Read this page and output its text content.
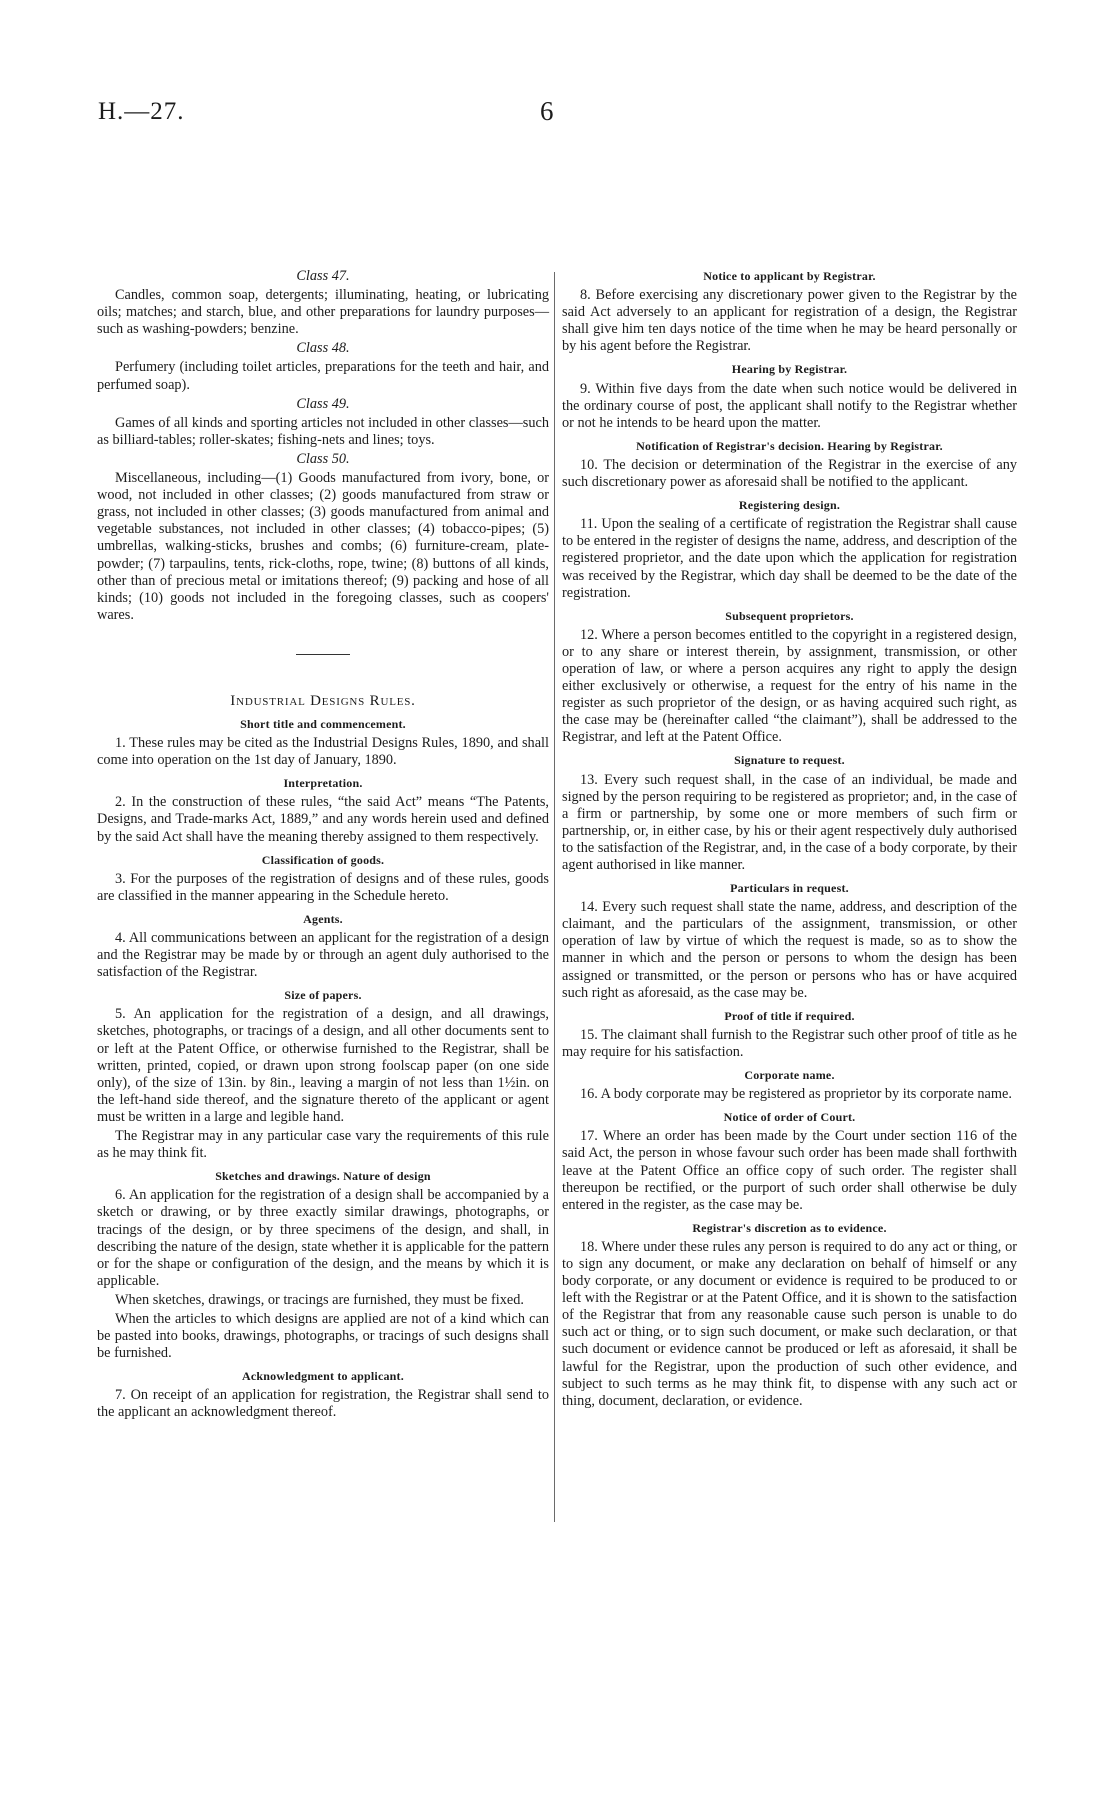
H.—27.	6

Class 47.

Candles, common soap, detergents; illuminating, heating, or lubricating oils; matches; and starch, blue, and other preparations for laundry purposes—such as washing-powders; benzine.

Class 48.

Perfumery (including toilet articles, preparations for the teeth and hair, and perfumed soap).

Class 49.

Games of all kinds and sporting articles not included in other classes—such as billiard-tables; roller-skates; fishing-nets and lines; toys.

Class 50.

Miscellaneous, including—(1) Goods manufactured from ivory, bone, or wood, not included in other classes; (2) goods manufactured from straw or grass, not included in other classes; (3) goods manufactured from animal and vegetable substances, not included in other classes; (4) tobacco-pipes; (5) umbrellas, walking-sticks, brushes and combs; (6) furniture-cream, plate-powder; (7) tarpaulins, tents, rick-cloths, rope, twine; (8) buttons of all kinds, other than of precious metal or imitations thereof; (9) packing and hose of all kinds; (10) goods not included in the foregoing classes, such as coopers' wares.

Industrial Designs Rules.
Short title and commencement.

1. These rules may be cited as the Industrial Designs Rules, 1890, and shall come into operation on the 1st day of January, 1890.

Interpretation.

2. In the construction of these rules, “the said Act” means “The Patents, Designs, and Trade-marks Act, 1889,” and any words herein used and defined by the said Act shall have the meaning thereby assigned to them respectively.

Classification of goods.

3. For the purposes of the registration of designs and of these rules, goods are classified in the manner appearing in the Schedule hereto.

Agents.

4. All communications between an applicant for the registration of a design and the Registrar may be made by or through an agent duly authorised to the satisfaction of the Registrar.

Size of papers.

5. An application for the registration of a design, and all drawings, sketches, photographs, or tracings of a design, and all other documents sent to or left at the Patent Office, or otherwise furnished to the Registrar, shall be written, printed, copied, or drawn upon strong foolscap paper (on one side only), of the size of 13in. by 8in., leaving a margin of not less than 1½in. on the left-hand side thereof, and the signature thereto of the applicant or agent must be written in a large and legible hand.

The Registrar may in any particular case vary the requirements of this rule as he may think fit.

Sketches and drawings. Nature of design

6. An application for the registration of a design shall be accompanied by a sketch or drawing, or by three exactly similar drawings, photographs, or tracings of the design, or by three specimens of the design, and shall, in describing the nature of the design, state whether it is applicable for the pattern or for the shape or configuration of the design, and the means by which it is applicable.

When sketches, drawings, or tracings are furnished, they must be fixed.

When the articles to which designs are applied are not of a kind which can be pasted into books, drawings, photographs, or tracings of such designs shall be furnished.

Acknowledgment to applicant.

7. On receipt of an application for registration, the Registrar shall send to the applicant an acknowledgment thereof.

Notice to applicant by Registrar.

8. Before exercising any discretionary power given to the Registrar by the said Act adversely to an applicant for registration of a design, the Registrar shall give him ten days notice of the time when he may be heard personally or by his agent before the Registrar.

Hearing by Registrar.

9. Within five days from the date when such notice would be delivered in the ordinary course of post, the applicant shall notify to the Registrar whether or not he intends to be heard upon the matter.

Notification of Registrar's decision. Hearing by Registrar.

10. The decision or determination of the Registrar in the exercise of any such discretionary power as aforesaid shall be notified to the applicant.

Registering design.

11. Upon the sealing of a certificate of registration the Registrar shall cause to be entered in the register of designs the name, address, and description of the registered proprietor, and the date upon which the application for registration was received by the Registrar, which day shall be deemed to be the date of the registration.

Subsequent proprietors.

12. Where a person becomes entitled to the copyright in a registered design, or to any share or interest therein, by assignment, transmission, or other operation of law, or where a person acquires any right to apply the design either exclusively or otherwise, a request for the entry of his name in the register as such proprietor of the design, or as having acquired such right, as the case may be (hereinafter called “the claimant”), shall be addressed to the Registrar, and left at the Patent Office.

Signature to request.

13. Every such request shall, in the case of an individual, be made and signed by the person requiring to be registered as proprietor; and, in the case of a firm or partnership, by some one or more members of such firm or partnership, or, in either case, by his or their agent respectively duly authorised to the satisfaction of the Registrar, and, in the case of a body corporate, by their agent authorised in like manner.

Particulars in request.

14. Every such request shall state the name, address, and description of the claimant, and the particulars of the assignment, transmission, or other operation of law by virtue of which the request is made, so as to show the manner in which and the person or persons to whom the design has been assigned or transmitted, or the person or persons who has or have acquired such right as aforesaid, as the case may be.

Proof of title if required.

15. The claimant shall furnish to the Registrar such other proof of title as he may require for his satisfaction.

Corporate name.

16. A body corporate may be registered as proprietor by its corporate name.

Notice of order of Court.

17. Where an order has been made by the Court under section 116 of the said Act, the person in whose favour such order has been made shall forthwith leave at the Patent Office an office copy of such order. The register shall thereupon be rectified, or the purport of such order shall otherwise be duly entered in the register, as the case may be.

Registrar's discretion as to evidence.

18. Where under these rules any person is required to do any act or thing, or to sign any document, or make any declaration on behalf of himself or any body corporate, or any document or evidence is required to be produced to or left with the Registrar or at the Patent Office, and it is shown to the satisfaction of the Registrar that from any reasonable cause such person is unable to do such act or thing, or to sign such document, or make such declaration, or that such document or evidence cannot be produced or left as aforesaid, it shall be lawful for the Registrar, upon the production of such other evidence, and subject to such terms as he may think fit, to dispense with any such act or thing, document, declaration, or evidence.
